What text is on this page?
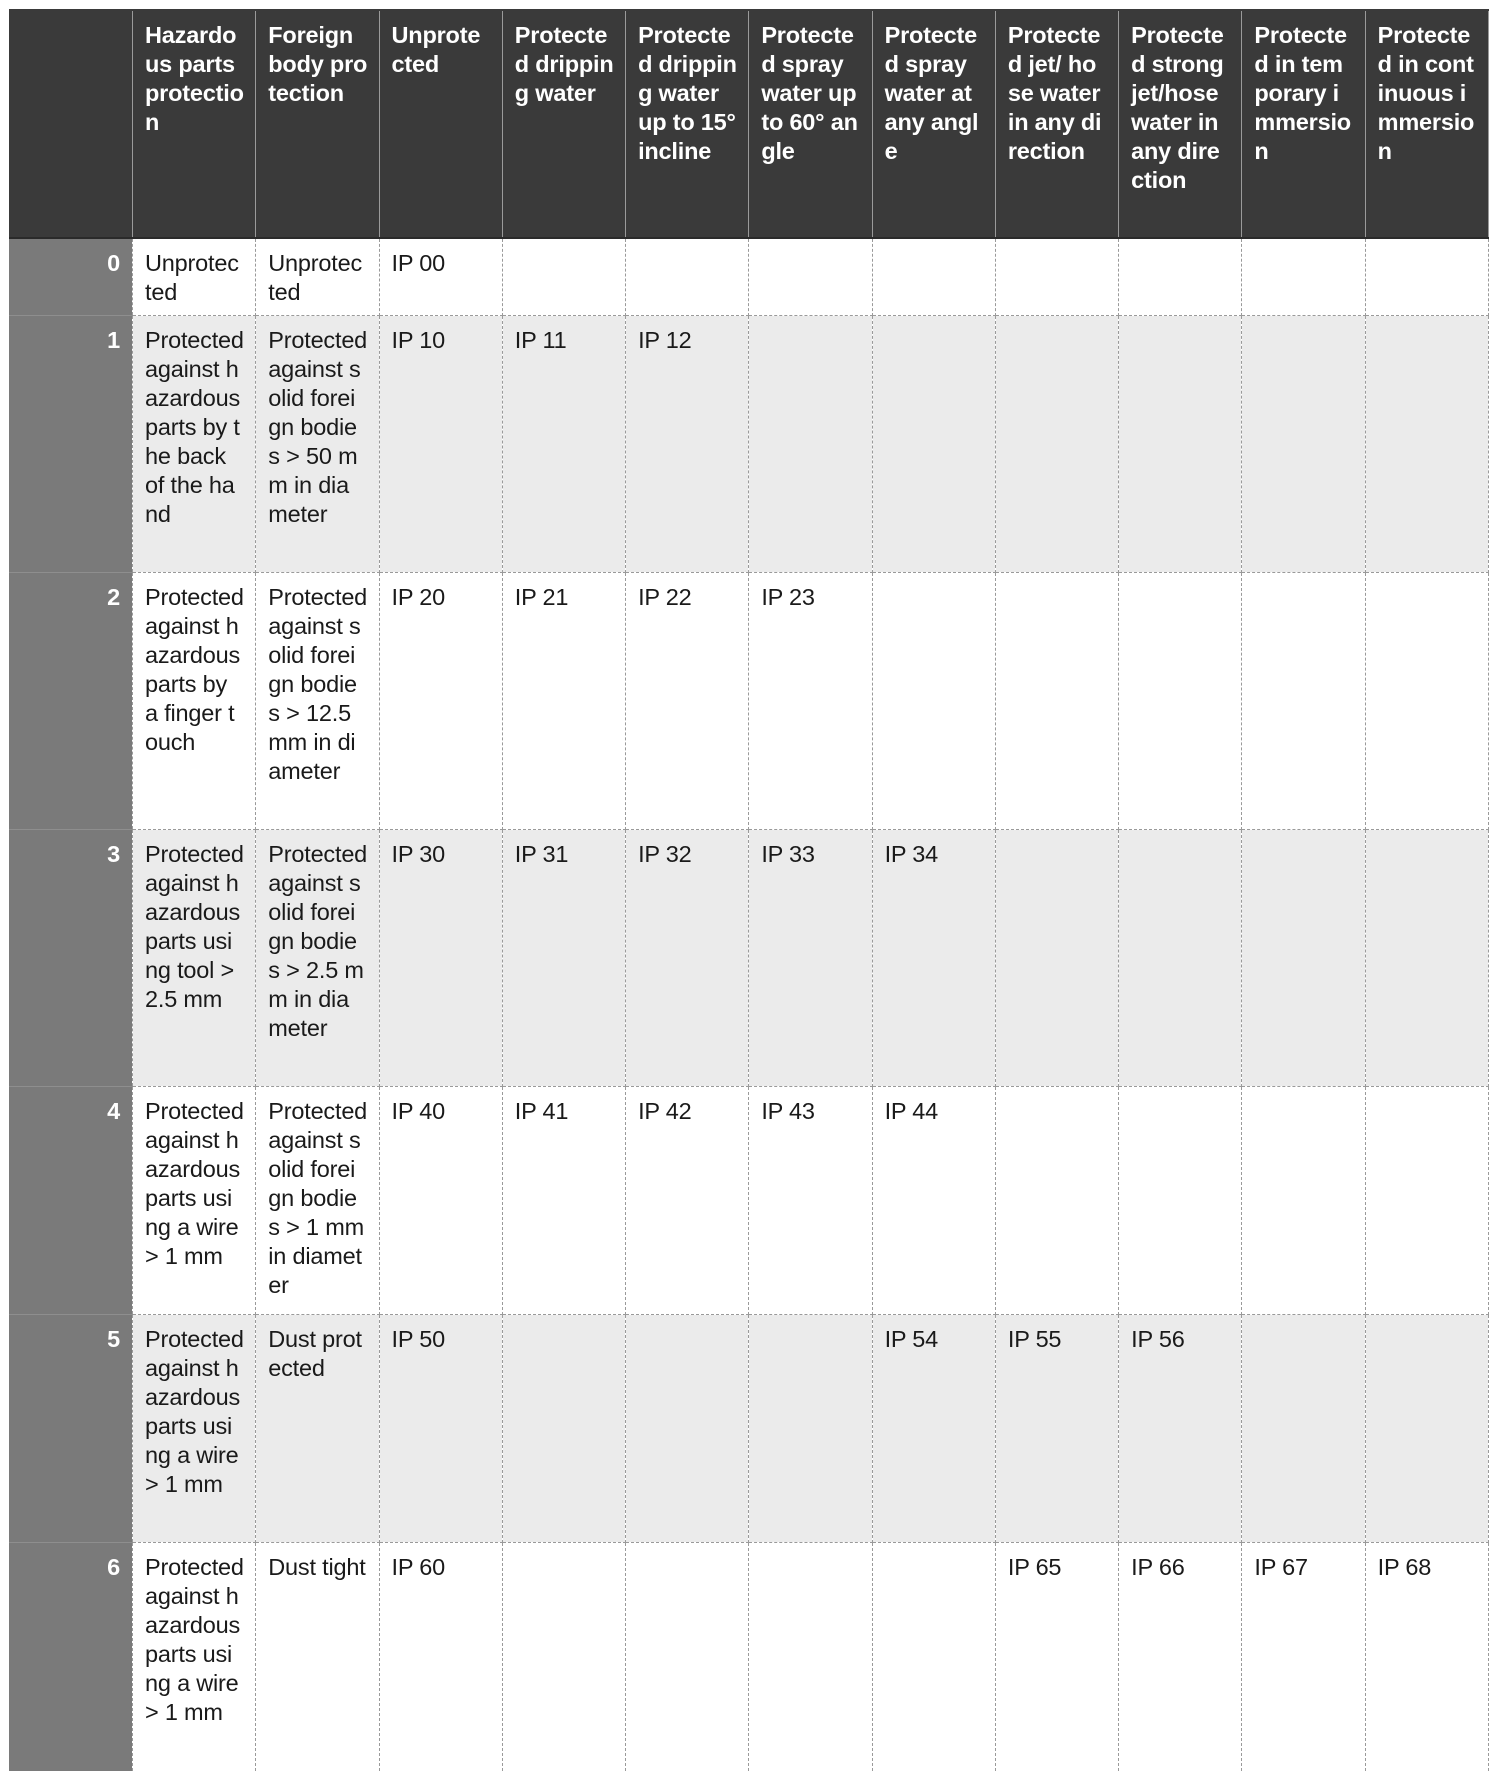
	Hazardous parts protection	Foreign body protection	Unprotected	Protected dripping water	Protected dripping water up to 15° incline	Protected spray water up to 60° angle	Protected spray water at any angle	Protected jet/ hose water in any direction	Protected strong jet/hose water in any direction	Protected in temporary immersion	Protected in continuous immersion
0	Unprotected	Unprotected	IP 00								
1	Protected against hazardous parts by the back of the hand	Protected against solid foreign bodies > 50 mm in diameter	IP 10	IP 11	IP 12						
2	Protected against hazardous parts by a finger touch	Protected against solid foreign bodies > 12.5 mm in diameter	IP 20	IP 21	IP 22	IP 23					
3	Protected against hazardous parts using tool > 2.5 mm	Protected against solid foreign bodies > 2.5 mm in diameter	IP 30	IP 31	IP 32	IP 33	IP 34				
4	Protected against hazardous parts using a wire > 1 mm	Protected against solid foreign bodies > 1 mm in diameter	IP 40	IP 41	IP 42	IP 43	IP 44				
5	Protected against hazardous parts using a wire > 1 mm	Dust protected	IP 50				IP 54	IP 55	IP 56		
6	Protected against hazardous parts using a wire > 1 mm	Dust tight	IP 60					IP 65	IP 66	IP 67	IP 68
